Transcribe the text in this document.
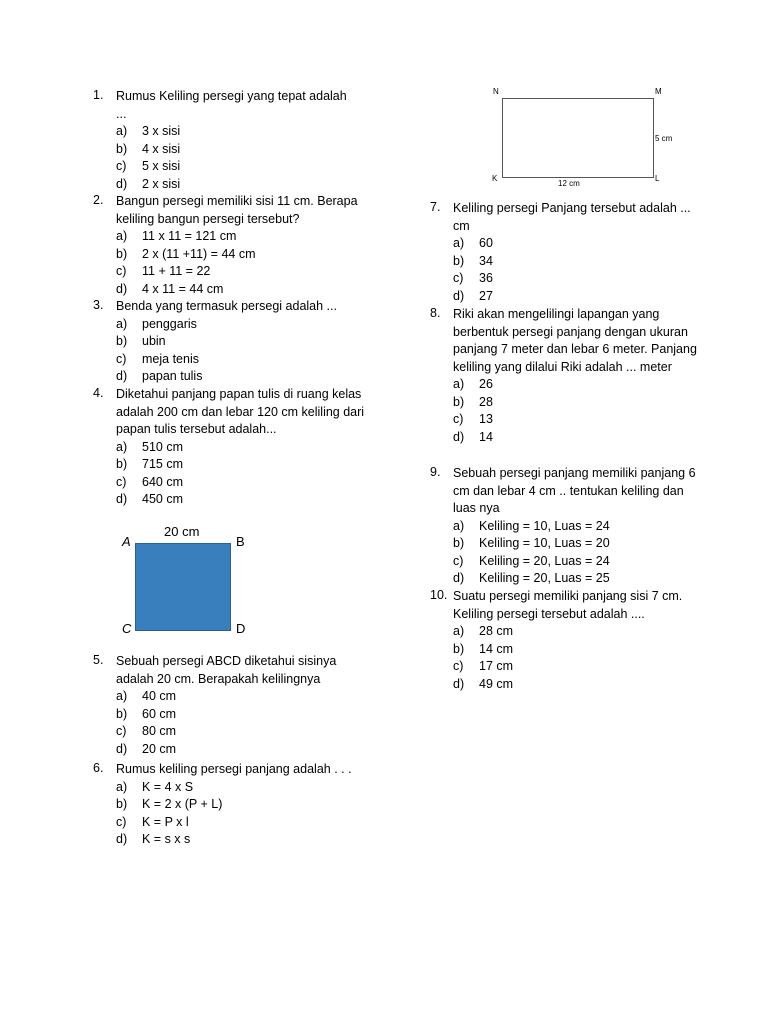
1. Rumus Keliling persegi yang tepat adalah ...
a) 3 x sisi
b) 4 x sisi
c) 5 x sisi
d) 2 x sisi
2. Bangun persegi memiliki sisi 11 cm. Berapa keliling bangun persegi tersebut?
a) 11 x 11 = 121 cm
b) 2 x (11 +11) = 44 cm
c) 11 + 11 = 22
d) 4 x 11 = 44 cm
3. Benda yang termasuk persegi adalah ...
a) penggaris
b) ubin
c) meja tenis
d) papan tulis
4. Diketahui panjang papan tulis di ruang kelas adalah 200 cm dan lebar 120 cm keliling dari papan tulis tersebut adalah...
a) 510 cm
b) 715 cm
c) 640 cm
d) 450 cm
20 cm
A	B
C	D
5. Sebuah persegi ABCD diketahui sisinya adalah 20 cm. Berapakah kelilingnya
a) 40 cm
b) 60 cm
c) 80 cm
d) 20 cm
6. Rumus keliling persegi panjang adalah . . .
a) K = 4 x S
b) K = 2 x (P + L)
c) K = P x l
d) K = s x s
N	M
K	L
5 cm
12 cm
7. Keliling persegi Panjang tersebut adalah ... cm
a) 60
b) 34
c) 36
d) 27
8. Riki akan mengelilingi lapangan yang berbentuk persegi panjang dengan ukuran panjang 7 meter dan lebar 6 meter. Panjang keliling yang dilalui Riki adalah ... meter
a) 26
b) 28
c) 13
d) 14
9. Sebuah persegi panjang memiliki panjang 6 cm dan lebar 4 cm .. tentukan keliling dan luas nya
a) Keliling = 10, Luas = 24
b) Keliling = 10, Luas = 20
c) Keliling = 20, Luas = 24
d) Keliling = 20, Luas = 25
10. Suatu persegi memiliki panjang sisi 7 cm. Keliling persegi tersebut adalah ....
a) 28 cm
b) 14 cm
c) 17 cm
d) 49 cm
